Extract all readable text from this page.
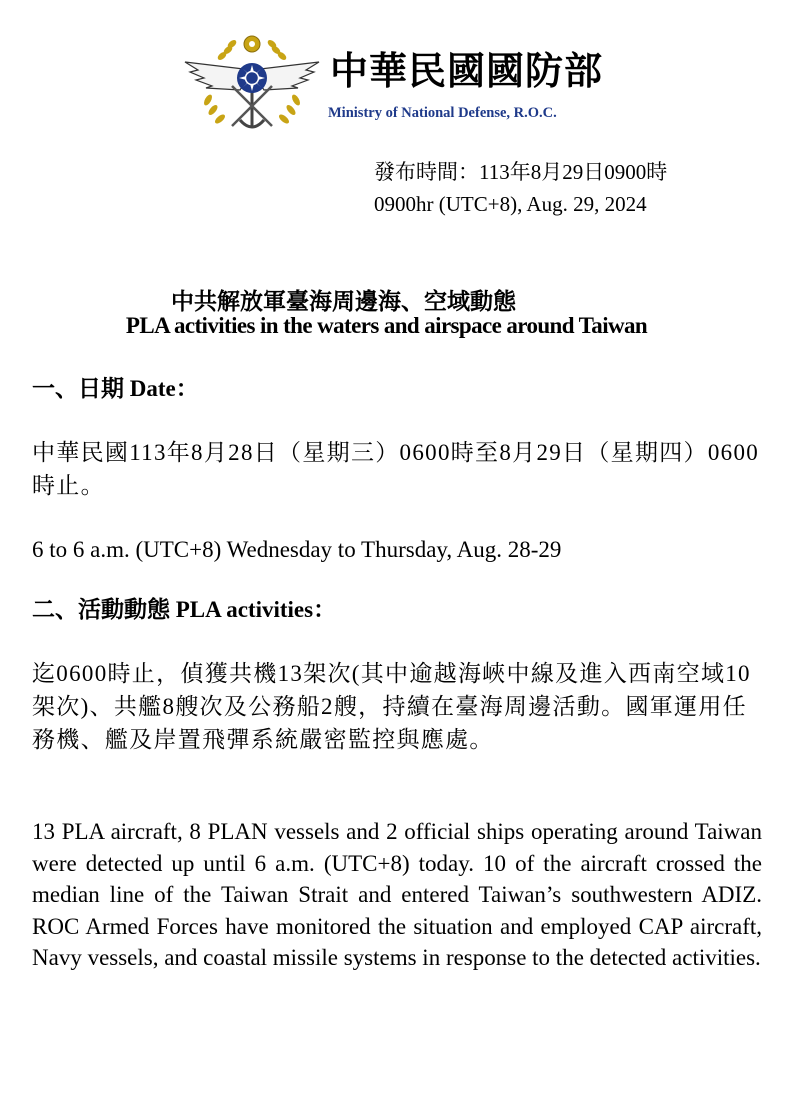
中華民國國防部
Ministry of National Defense, R.O.C.
發布時間：113年8月29日0900時
0900hr (UTC+8), Aug. 29, 2024
中共解放軍臺海周邊海、空域動態
PLA activities in the waters and airspace around Taiwan
一、日期 Date：
中華民國113年8月28日（星期三）0600時至8月29日（星期四）0600時止。
6 to 6 a.m. (UTC+8) Wednesday to Thursday, Aug. 28-29
二、活動動態 PLA activities：
迄0600時止，偵獲共機13架次(其中逾越海峽中線及進入西南空域10架次)、共艦8艘次及公務船2艘，持續在臺海周邊活動。國軍運用任務機、艦及岸置飛彈系統嚴密監控與應處。
13 PLA aircraft, 8 PLAN vessels and 2 official ships operating around Taiwan were detected up until 6 a.m. (UTC+8) today. 10 of the aircraft crossed the median line of the Taiwan Strait and entered Taiwan’s southwestern ADIZ. ROC Armed Forces have monitored the situation and employed CAP aircraft, Navy vessels, and coastal missile systems in response to the detected activities.
